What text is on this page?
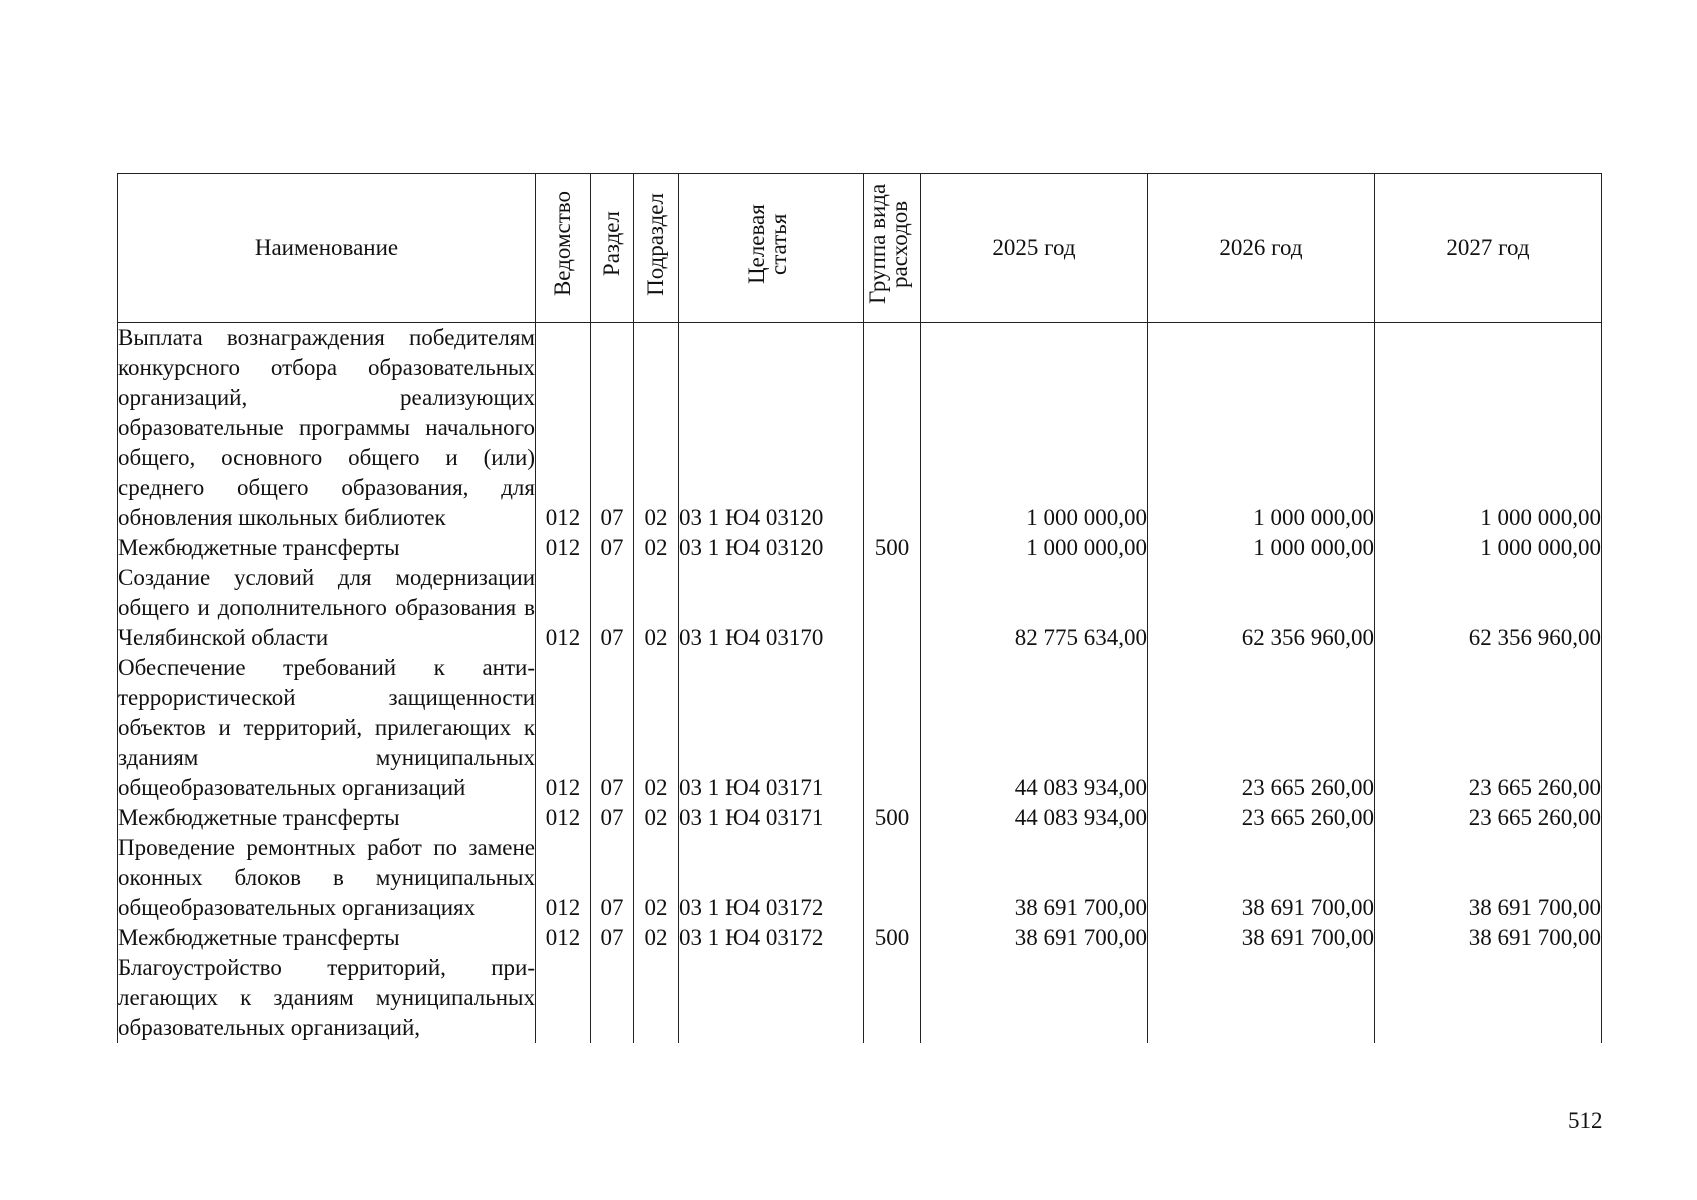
Наименование	Ведомство	Раздел	Подраздел	Целевая статья	Группа вида расходов	2025 год	2026 год	2027 год
Выплата вознаграждения победителям конкурсного отбора образовательных организаций, реализующих образовательные программы начального общего, основного общего и (или) среднего общего образования, для обновления школьных библиотек	012	07	02	03 1 Ю4 03120		1 000 000,00	1 000 000,00	1 000 000,00
Межбюджетные трансферты	012	07	02	03 1 Ю4 03120	500	1 000 000,00	1 000 000,00	1 000 000,00
Создание условий для модернизации общего и дополнительного образования в Челябинской области	012	07	02	03 1 Ю4 03170		82 775 634,00	62 356 960,00	62 356 960,00
Обеспечение требований к антитеррористической защищенности объектов и территорий, прилегающих к зданиям муниципальных общеобразовательных организаций	012	07	02	03 1 Ю4 03171		44 083 934,00	23 665 260,00	23 665 260,00
Межбюджетные трансферты	012	07	02	03 1 Ю4 03171	500	44 083 934,00	23 665 260,00	23 665 260,00
Проведение ремонтных работ по замене оконных блоков в муниципальных общеобразовательных организациях	012	07	02	03 1 Ю4 03172		38 691 700,00	38 691 700,00	38 691 700,00
Межбюджетные трансферты	012	07	02	03 1 Ю4 03172	500	38 691 700,00	38 691 700,00	38 691 700,00
Благоустройство территорий, прилегающих к зданиям муниципальных образовательных организаций,								
512
